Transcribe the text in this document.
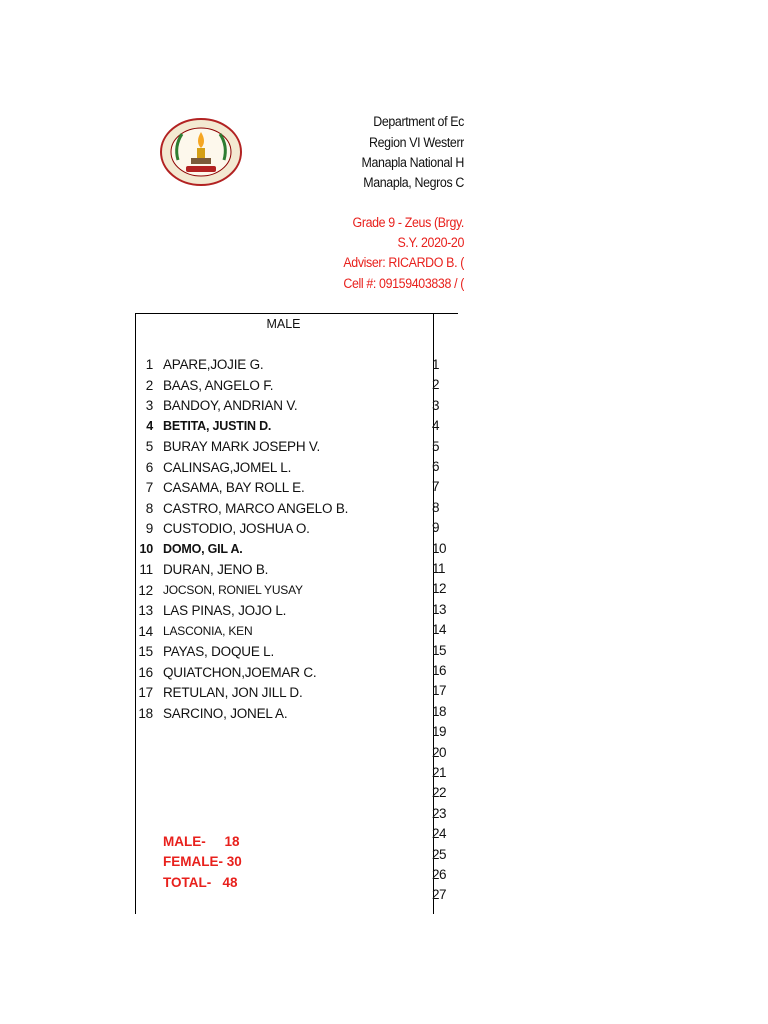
Department of Ec
Region VI Westerr
Manapla National H
Manapla, Negros C
Grade 9 - Zeus (Brgy.
S.Y. 2020-20
Adviser: RICARDO B. (
Cell #: 09159403838 / (
MALE
1 APARE,JOJIE G.
2 BAAS, ANGELO F.
3 BANDOY, ANDRIAN V.
4 BETITA, JUSTIN D.
5 BURAY MARK JOSEPH V.
6 CALINSAG,JOMEL L.
7 CASAMA, BAY ROLL E.
8 CASTRO, MARCO ANGELO B.
9 CUSTODIO, JOSHUA O.
10 DOMO, GIL A.
11 DURAN, JENO B.
12 JOCSON, RONIEL YUSAY
13 LAS PINAS, JOJO L.
14 LASCONIA, KEN
15 PAYAS, DOQUE L.
16 QUIATCHON,JOEMAR C.
17 RETULAN, JON JILL D.
18 SARCINO, JONEL A.
1
2
3
4
5
6
7
8
9
10
11
12
13
14
15
16
17
18
19
20
21
22
23
24
25
26
27
MALE-     18
FEMALE- 30
TOTAL-   48
